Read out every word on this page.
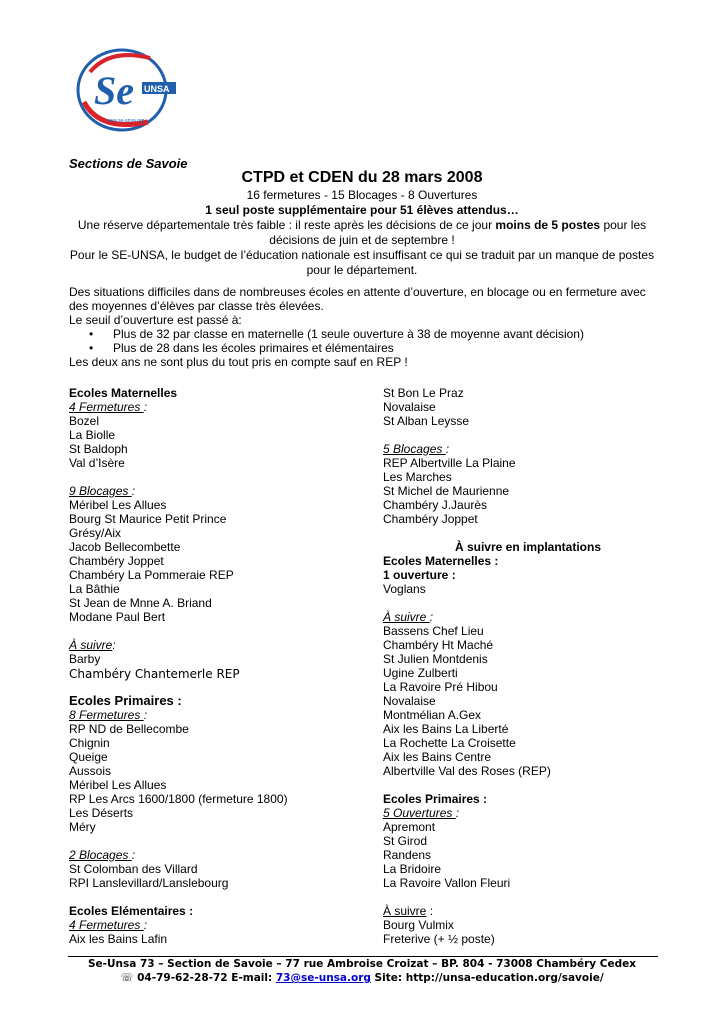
Se UNSA
www.se-unsa.org
Sections de Savoie
CTPD et CDEN du 28 mars 2008
16 fermetures - 15 Blocages - 8 Ouvertures
1 seul poste supplémentaire pour 51 élèves attendus…
Une réserve départementale très faible : il reste après les décisions de ce jour moins de 5 postes pour les décisions de juin et de septembre !
Pour le SE-UNSA, le budget de l’éducation nationale est insuffisant ce qui se traduit par un manque de postes pour le département.

Des situations difficiles dans de nombreuses écoles en attente d’ouverture, en blocage ou en fermeture avec des moyennes d’élèves par classe très élevées.

Le seuil d’ouverture est passé à:

• Plus de 32 par classe en maternelle (1 seule ouverture à 38 de moyenne avant décision)
• Plus de 28 dans les écoles primaires et élémentaires

Les deux ans ne sont plus du tout pris en compte sauf en REP !

Ecoles Maternelles
4 Fermetures :
Bozel
La Biolle
St Baldoph
Val d’Isère
9 Blocages :
Méribel Les Allues
Bourg St Maurice Petit Prince
Grésy/Aix
Jacob Bellecombette
Chambéry Joppet
Chambéry La Pommeraie REP
La Bâthie
St Jean de Mnne A. Briand
Modane Paul Bert
À suivre:
Barby
Chambéry Chantemerle REP
Ecoles Primaires :
8 Fermetures :
RP ND de Bellecombe
Chignin
Queige
Aussois
Méribel Les Allues
RP Les Arcs 1600/1800 (fermeture 1800)
Les Déserts
Méry
2 Blocages :
St Colomban des Villard
RPI Lanslevillard/Lanslebourg
Ecoles Elémentaires :
4 Fermetures :
Aix les Bains Lafin
St Bon Le Praz
Novalaise
St Alban Leysse
5 Blocages :
REP Albertville La Plaine
Les Marches
St Michel de Maurienne
Chambéry J.Jaurès
Chambéry Joppet
À suivre en implantations
Ecoles Maternelles :
1 ouverture :
Voglans
À suivre :
Bassens Chef Lieu
Chambéry Ht Maché
St Julien Montdenis
Ugine Zulberti
La Ravoire Pré Hibou
Novalaise
Montmélian A.Gex
Aix les Bains La Liberté
La Rochette La Croisette
Aix les Bains Centre
Albertville Val des Roses (REP)
Ecoles Primaires :
5 Ouvertures :
Apremont
St Girod
Randens
La Bridoire
La Ravoire Vallon Fleuri
À suivre :
Bourg Vulmix
Freterive (+ ½ poste)
Se-Unsa 73 – Section de Savoie – 77 rue Ambroise Croizat – BP. 804 - 73008 Chambéry Cedex
☏ 04-79-62-28-72 E-mail: 73@se-unsa.org Site: http://unsa-education.org/savoie/
